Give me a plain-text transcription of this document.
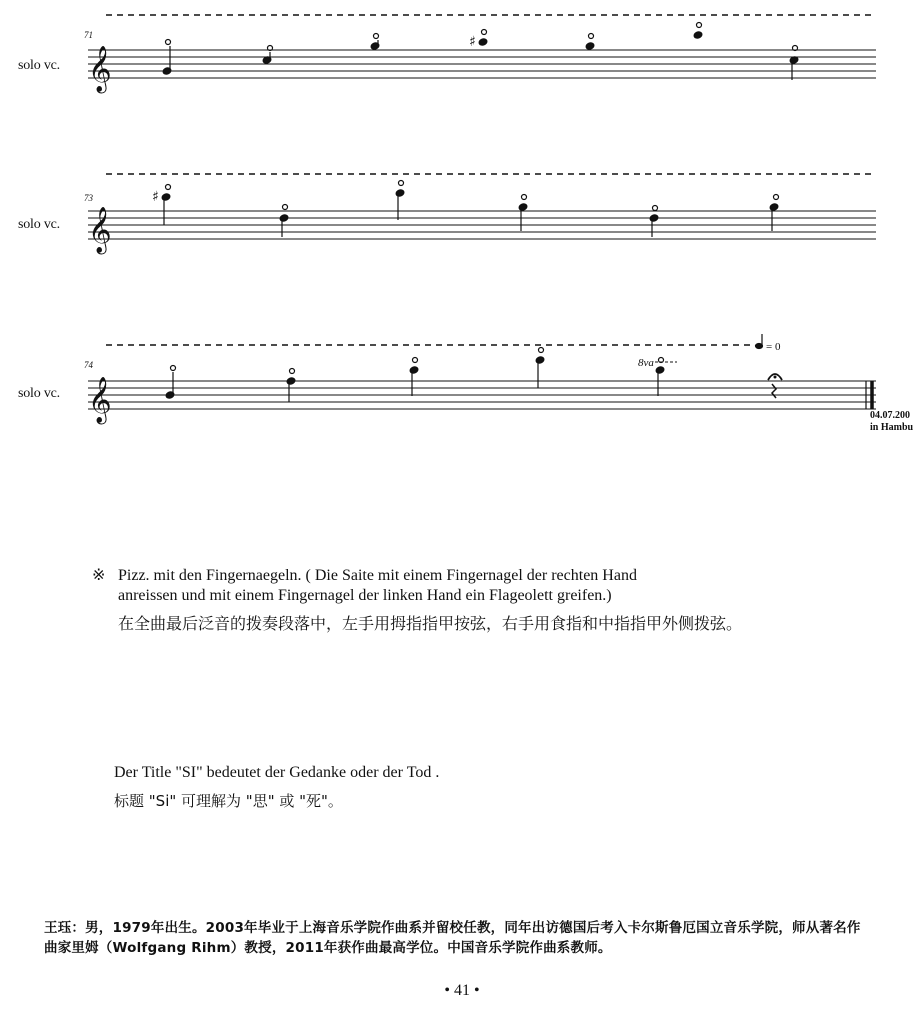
𝄞
♯
solo vc.
71
𝄞
♯
solo vc.
73
𝄞
8va
= 0
solo vc.
74
04.07.200
in Hambu
※ Pizz. mit den Fingernaegeln. ( Die Saite mit einem Fingernagel der rechten Hand
anreissen und mit einem Fingernagel der linken Hand ein Flageolett greifen.)
在全曲最后泛音的拨奏段落中，左手用拇指指甲按弦，右手用食指和中指指甲外侧拨弦。
Der Title "SI" bedeutet der Gedanke oder der Tod .
标题 "Si" 可理解为 "思" 或 "死"。
王珏：男，1979年出生。2003年毕业于上海音乐学院作曲系并留校任教，同年出访德国后考入卡尔斯鲁厄国立音乐学院，师从著名作曲家里姆（Wolfgang Rihm）教授，2011年获作曲最高学位。中国音乐学院作曲系教师。
• 41 •
